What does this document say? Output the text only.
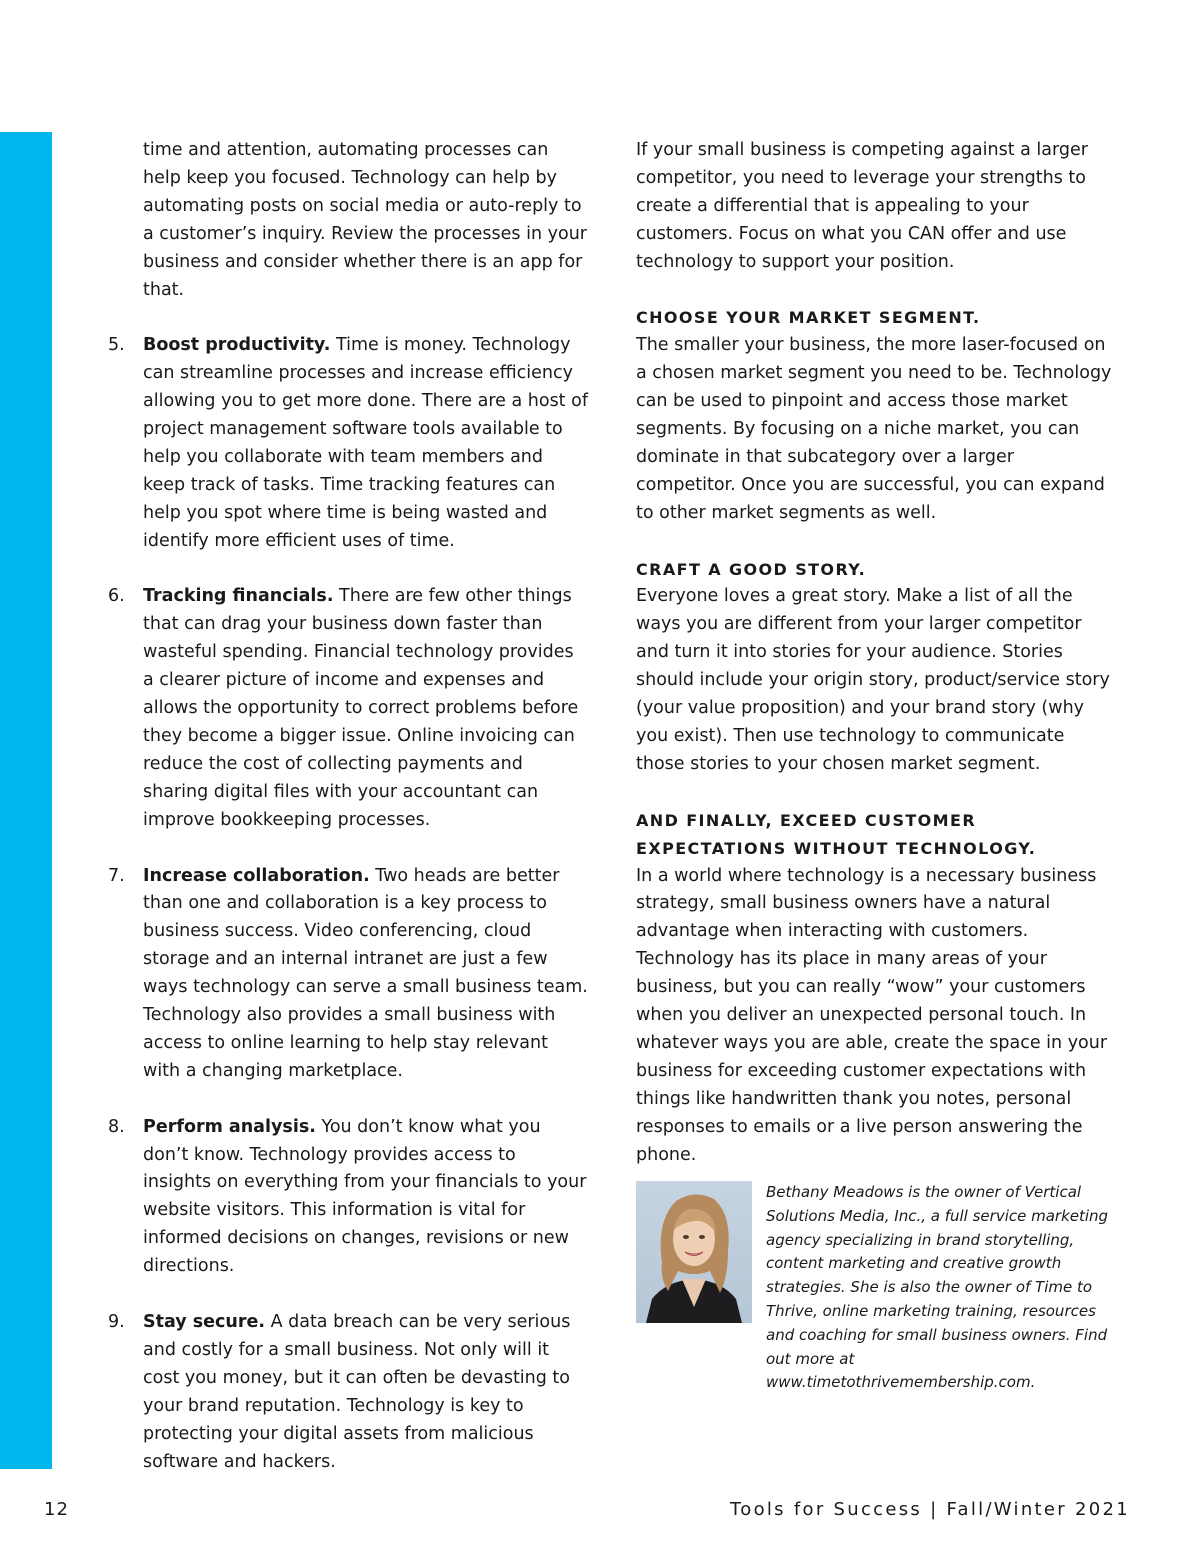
time and attention, automating processes can help keep you focused. Technology can help by automating posts on social media or auto-reply to a customer’s inquiry. Review the processes in your business and consider whether there is an app for that.

5. Boost productivity. Time is money. Technology can streamline processes and increase efficiency allowing you to get more done. There are a host of project management software tools available to help you collaborate with team members and keep track of tasks. Time tracking features can help you spot where time is being wasted and identify more efficient uses of time.
6. Tracking financials. There are few other things that can drag your business down faster than wasteful spending. Financial technology provides a clearer picture of income and expenses and allows the opportunity to correct problems before they become a bigger issue. Online invoicing can reduce the cost of collecting payments and sharing digital files with your accountant can improve bookkeeping processes.
7. Increase collaboration. Two heads are better than one and collaboration is a key process to business success. Video conferencing, cloud storage and an internal intranet are just a few ways technology can serve a small business team. Technology also provides a small business with access to online learning to help stay relevant with a changing marketplace.
8. Perform analysis. You don’t know what you don’t know. Technology provides access to insights on everything from your financials to your website visitors. This information is vital for informed decisions on changes, revisions or new directions.
9. Stay secure. A data breach can be very serious and costly for a small business. Not only will it cost you money, but it can often be devasting to your brand reputation. Technology is key to protecting your digital assets from malicious software and hackers.

If your small business is competing against a larger competitor, you need to leverage your strengths to create a differential that is appealing to your customers. Focus on what you CAN offer and use technology to support your position.

CHOOSE YOUR MARKET SEGMENT.

The smaller your business, the more laser-focused on a chosen market segment you need to be. Technology can be used to pinpoint and access those market segments. By focusing on a niche market, you can dominate in that subcategory over a larger competitor. Once you are successful, you can expand to other market segments as well.

CRAFT A GOOD STORY.

Everyone loves a great story. Make a list of all the ways you are different from your larger competitor and turn it into stories for your audience. Stories should include your origin story, product/service story (your value proposition) and your brand story (why you exist). Then use technology to communicate those stories to your chosen market segment.

AND FINALLY, EXCEED CUSTOMER EXPECTATIONS WITHOUT TECHNOLOGY.

In a world where technology is a necessary business strategy, small business owners have a natural advantage when interacting with customers. Technology has its place in many areas of your business, but you can really “wow” your customers when you deliver an unexpected personal touch. In whatever ways you are able, create the space in your business for exceeding customer expectations with things like handwritten thank you notes, personal responses to emails or a live person answering the phone.

Bethany Meadows is the owner of Vertical Solutions Media, Inc., a full service marketing agency specializing in brand storytelling, content marketing and creative growth strategies. She is also the owner of Time to Thrive, online marketing training, resources and coaching for small business owners. Find out more at www.timetothrivemembership.com.

12	Tools for Success | Fall/Winter 2021
